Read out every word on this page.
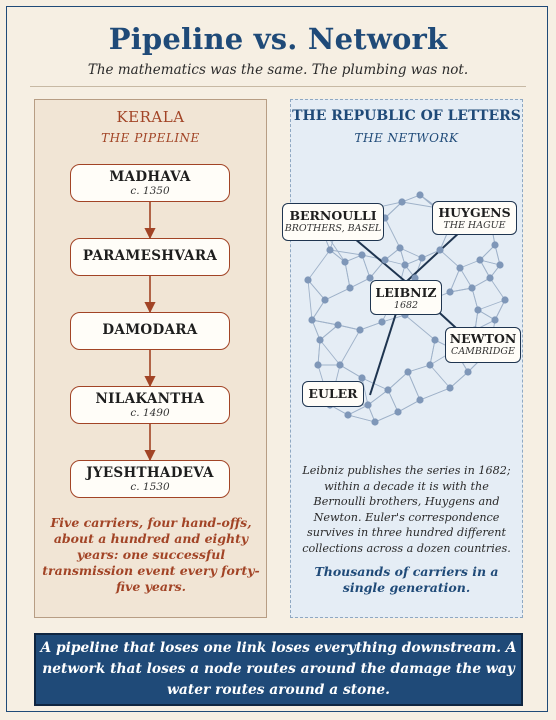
Pipeline vs. Network
The mathematics was the same. The plumbing was not.
KERALA
THE PIPELINE
THE REPUBLIC OF LETTERS
THE NETWORK
MADHAVA
c. 1350
PARAMESHVARA
DAMODARA
NILAKANTHA
c. 1490
JYESHTHADEVA
c. 1530
Five carriers, four hand-offs, about a hundred and eighty years: one successful transmission event every forty-five years.
BERNOULLI
BROTHERS, BASEL
HUYGENS
THE HAGUE
LEIBNIZ
1682
NEWTON
CAMBRIDGE
EULER
Leibniz publishes the series in 1682; within a decade it is with the Bernoulli brothers, Huygens and Newton. Euler's correspondence survives in three hundred different collections across a dozen countries.
Thousands of carriers in a single generation.
A pipeline that loses one link loses everything downstream. A network that loses a node routes around the damage the way water routes around a stone.
